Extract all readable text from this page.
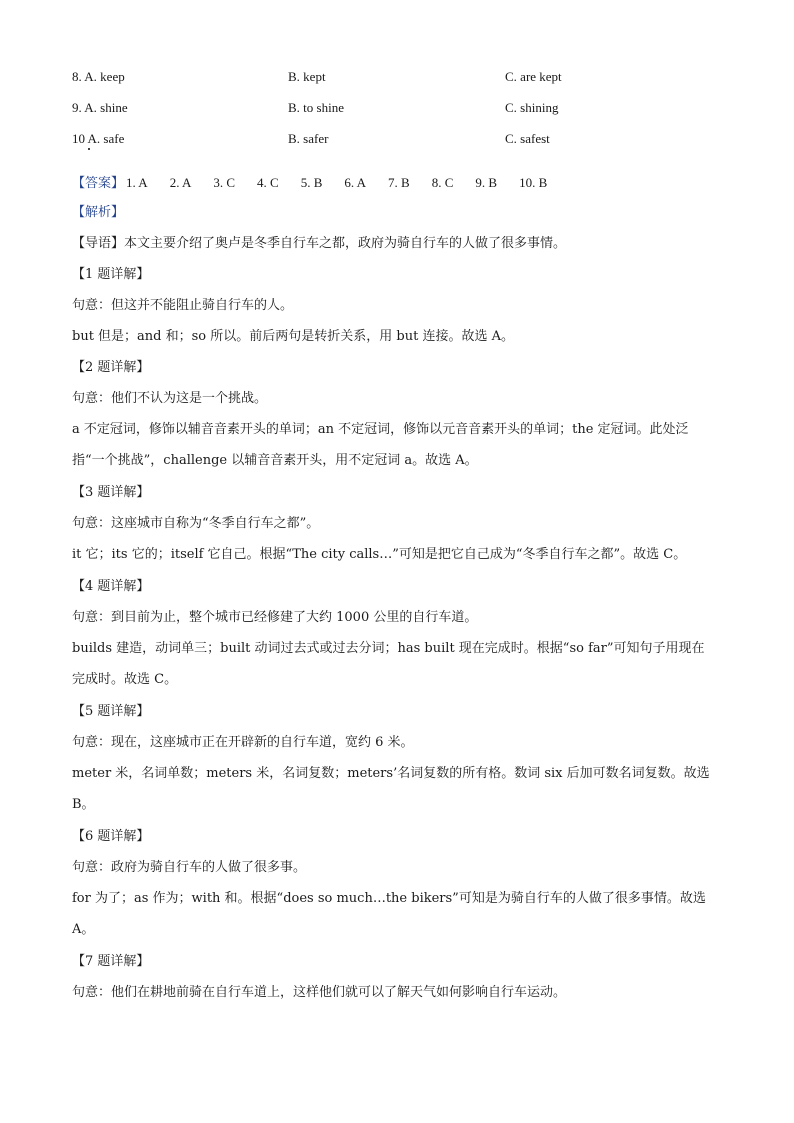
8. A. keep	B. kept	C. are kept
9. A. shine	B. to shine	C. shining
10 A. safe	B. safer	C. safest
【答案】 1. A 2. A 3. C 4. C 5. B 6. A 7. B 8. C 9. B 10. B
【解析】
【导语】本文主要介绍了奥卢是冬季自行车之都，政府为骑自行车的人做了很多事情。
【1 题详解】
句意：但这并不能阻止骑自行车的人。
but 但是；and 和；so 所以。前后两句是转折关系，用 but 连接。故选 A。
【2 题详解】
句意：他们不认为这是一个挑战。
a 不定冠词，修饰以辅音音素开头的单词；an 不定冠词，修饰以元音音素开头的单词；the 定冠词。此处泛
指“一个挑战”，challenge 以辅音音素开头，用不定冠词 a。故选 A。
【3 题详解】
句意：这座城市自称为“冬季自行车之都”。
it 它；its 它的；itself 它自己。根据“The city calls…”可知是把它自己成为“冬季自行车之都”。故选 C。
【4 题详解】
句意：到目前为止，整个城市已经修建了大约 1000 公里的自行车道。
builds 建造，动词单三；built 动词过去式或过去分词；has built 现在完成时。根据“so far”可知句子用现在
完成时。故选 C。
【5 题详解】
句意：现在，这座城市正在开辟新的自行车道，宽约 6 米。
meter 米，名词单数；meters 米，名词复数；meters’名词复数的所有格。数词 six 后加可数名词复数。故选
B。
【6 题详解】
句意：政府为骑自行车的人做了很多事。
for 为了；as 作为；with 和。根据“does so much…the bikers”可知是为骑自行车的人做了很多事情。故选
A。
【7 题详解】
句意：他们在耕地前骑在自行车道上，这样他们就可以了解天气如何影响自行车运动。
